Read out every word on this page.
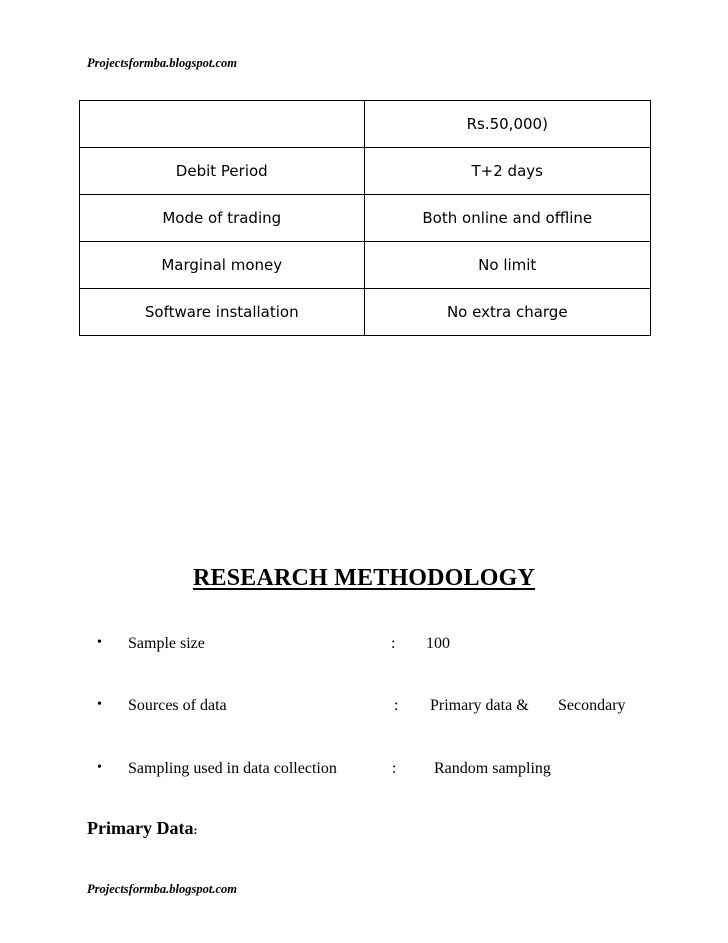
Projectsformba.blogspot.com
	Rs.50,000)
Debit Period	T+2 days
Mode of trading	Both online and offline
Marginal money	No limit
Software installation	No extra charge
RESEARCH METHODOLOGY
• Sample size	: 100
• Sources of data	: Primary data & Secondary
• Sampling used in data collection	: Random sampling
Primary Data:
Projectsformba.blogspot.com
